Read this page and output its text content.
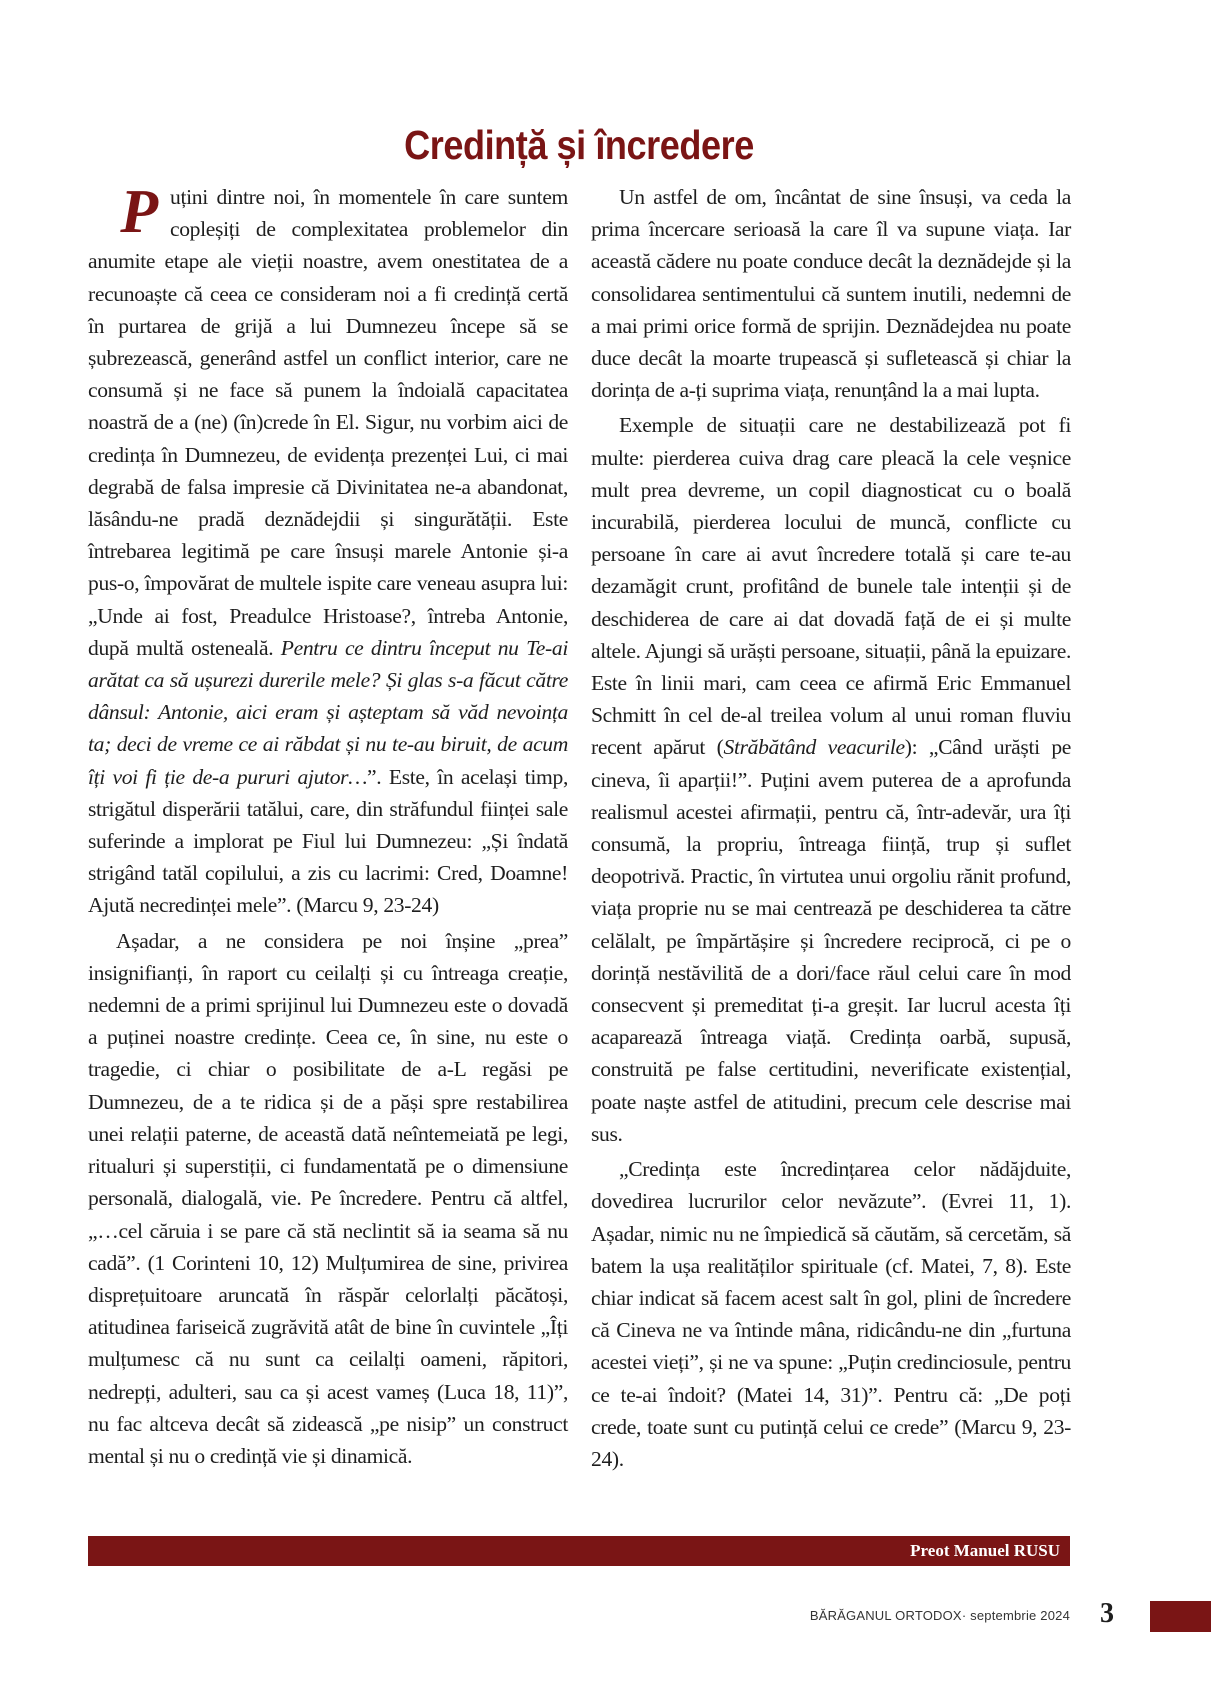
Credință și încredere

Puțini dintre noi, în momentele în care suntem copleșiți de complexitatea problemelor din anumite etape ale vieții noastre, avem onestitatea de a recunoaște că ceea ce consideram noi a fi credință certă în purtarea de grijă a lui Dumnezeu începe să se șubrezească, generând astfel un conflict interior, care ne consumă și ne face să punem la îndoială capacitatea noastră de a (ne) (în)crede în El. Sigur, nu vorbim aici de credința în Dumnezeu, de evidența prezenței Lui, ci mai degrabă de falsa impresie că Divinitatea ne-a abandonat, lăsându-ne pradă deznădejdii și singurătății. Este întrebarea legitimă pe care însuși marele Antonie și-a pus-o, împovărat de multele ispite care veneau asupra lui: „Unde ai fost, Preadulce Hristoase?, întreba Antonie, după multă osteneală. Pentru ce dintru început nu Te-ai arătat ca să ușurezi durerile mele? Și glas s-a făcut către dânsul: Antonie, aici eram și așteptam să văd nevoința ta; deci de vreme ce ai răbdat și nu te-au biruit, de acum îți voi fi ție de-a pururi ajutor…”. Este, în același timp, strigătul disperării tatălui, care, din străfundul ființei sale suferinde a implorat pe Fiul lui Dumnezeu: „Și îndată strigând tatăl copilului, a zis cu lacrimi: Cred, Doamne! Ajută necredinței mele”. (Marcu 9, 23-24)

Așadar, a ne considera pe noi înșine „prea” insignifianți, în raport cu ceilalți și cu întreaga creație, nedemni de a primi sprijinul lui Dumnezeu este o dovadă a puținei noastre credințe. Ceea ce, în sine, nu este o tragedie, ci chiar o posibilitate de a-L regăsi pe Dumnezeu, de a te ridica și de a păși spre restabilirea unei relații paterne, de această dată neîntemeiată pe legi, ritualuri și superstiții, ci fundamentată pe o dimensiune personală, dialogală, vie. Pe încredere. Pentru că altfel, „…cel căruia i se pare că stă neclintit să ia seama să nu cadă”. (1 Corinteni 10, 12) Mulțumirea de sine, privirea disprețuitoare aruncată în răspăr celorlalți păcătoși, atitudinea fariseică zugrăvită atât de bine în cuvintele „Îți mulțumesc că nu sunt ca ceilalți oameni, răpitori, nedrepți, adulteri, sau ca și acest vameș (Luca 18, 11)”, nu fac altceva decât să zidească „pe nisip” un construct mental și nu o credință vie și dinamică.

Un astfel de om, încântat de sine însuși, va ceda la prima încercare serioasă la care îl va supune viața. Iar această cădere nu poate conduce decât la deznădejde și la consolidarea sentimentului că suntem inutili, nedemni de a mai primi orice formă de sprijin. Deznădejdea nu poate duce decât la moarte trupească și sufletească și chiar la dorința de a-ți suprima viața, renunțând la a mai lupta.

Exemple de situații care ne destabilizează pot fi multe: pierderea cuiva drag care pleacă la cele veșnice mult prea devreme, un copil diagnosticat cu o boală incurabilă, pierderea locului de muncă, conflicte cu persoane în care ai avut încredere totală și care te-au dezamăgit crunt, profitând de bunele tale intenții și de deschiderea de care ai dat dovadă față de ei și multe altele. Ajungi să urăști persoane, situații, până la epuizare. Este în linii mari, cam ceea ce afirmă Eric Emmanuel Schmitt în cel de-al treilea volum al unui roman fluviu recent apărut (Străbătând veacurile): „Când urăști pe cineva, îi aparții!”. Puțini avem puterea de a aprofunda realismul acestei afirmații, pentru că, într-adevăr, ura îți consumă, la propriu, întreaga ființă, trup și suflet deopotrivă. Practic, în virtutea unui orgoliu rănit profund, viața proprie nu se mai centrează pe deschiderea ta către celălalt, pe împărtășire și încredere reciprocă, ci pe o dorință nestăvilită de a dori/face răul celui care în mod consecvent și premeditat ți-a greșit. Iar lucrul acesta îți acaparează întreaga viață. Credința oarbă, supusă, construită pe false certitudini, neverificate existențial, poate naște astfel de atitudini, precum cele descrise mai sus.

„Credința este încredințarea celor nădăjduite, dovedirea lucrurilor celor nevăzute”. (Evrei 11, 1). Așadar, nimic nu ne împiedică să căutăm, să cercetăm, să batem la ușa realităților spirituale (cf. Matei, 7, 8). Este chiar indicat să facem acest salt în gol, plini de încredere că Cineva ne va întinde mâna, ridicându-ne din „furtuna acestei vieți”, și ne va spune: „Puțin credinciosule, pentru ce te-ai îndoit? (Matei 14, 31)”. Pentru că: „De poți crede, toate sunt cu putință celui ce crede” (Marcu 9, 23-24).

Preot Manuel RUSU
BĂRĂGANUL ORTODOX· septembrie 2024 3
